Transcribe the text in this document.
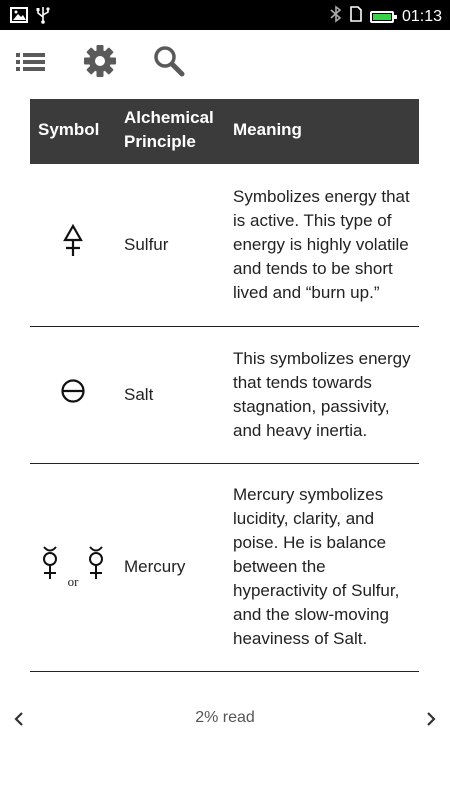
01:13
Symbol	Alchemical Principle	Meaning
	Sulfur	Symbolizes energy that is active. This type of energy is highly volatile and tends to be short lived and “burn up.”
	Salt	This symbolizes energy that tends towards stagnation, passivity,
and heavy inertia.
$_{or}$	Mercury	Mercury symbolizes lucidity, clarity, and poise. He is balance between the hyperactivity of Sulfur, and the slow-moving heaviness of Salt.
2% read
